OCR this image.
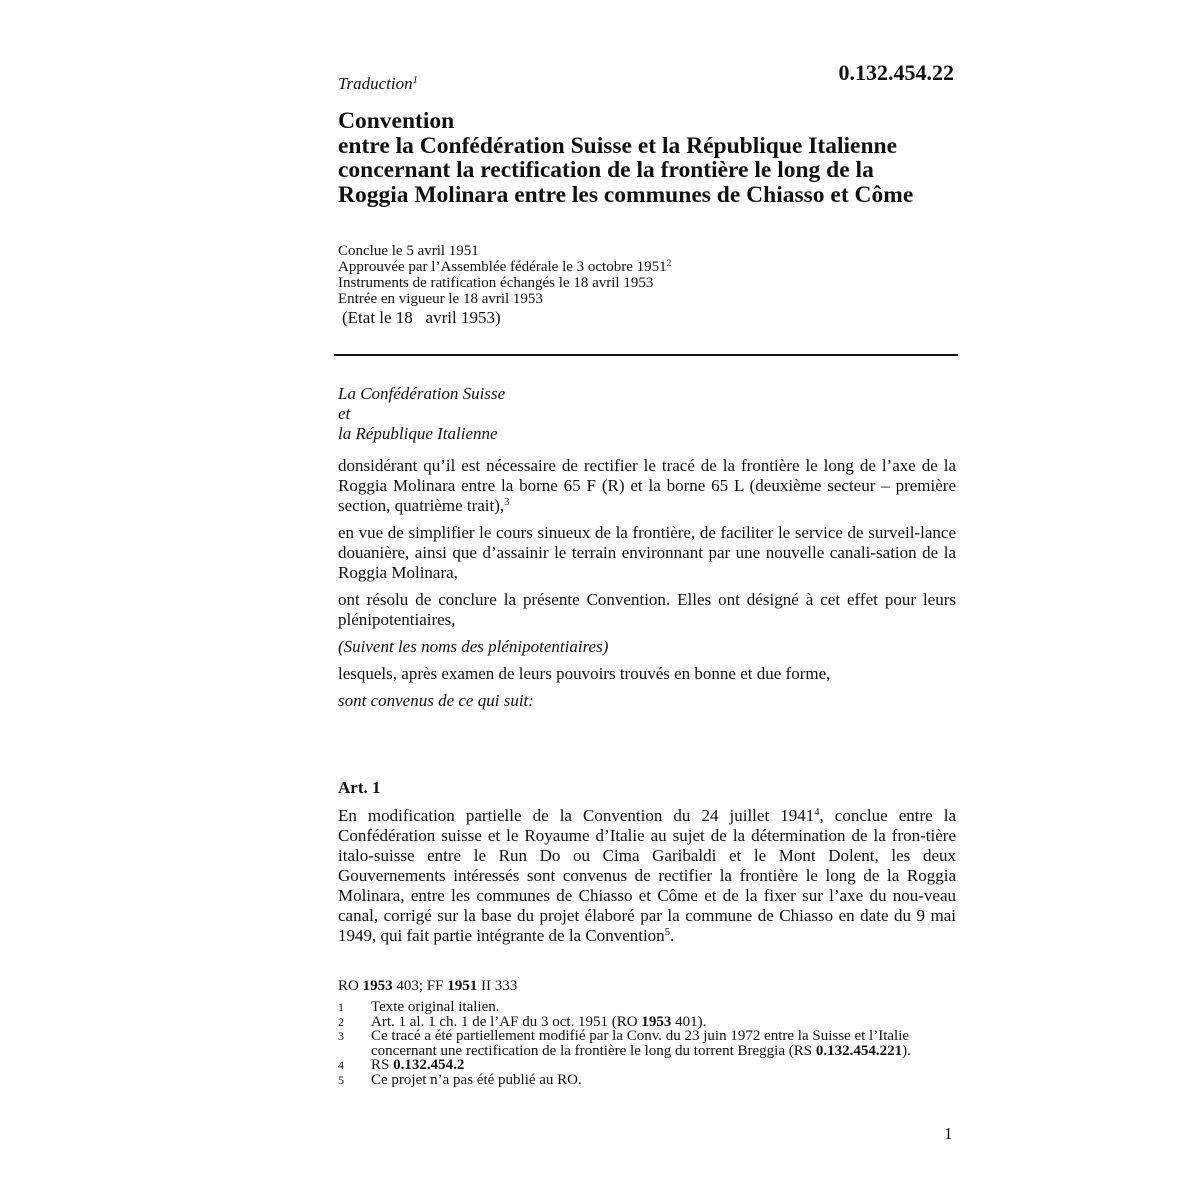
Traduction$^1$	0.132.454.22
Convention
entre la Confédération Suisse et la République Italienne
concernant la rectification de la frontière le long de la
Roggia Molinara entre les communes de Chiasso et Côme
Conclue le 5 avril 1951
Approuvée par l’Assemblée fédérale le 3 octobre 1951$^2$
Instruments de ratification échangés le 18 avril 1953
Entrée en vigueur le 18 avril 1953
(Etat le 18   avril 1953)
La Confédération Suisse
et
la République Italienne

donsidérant qu’il est nécessaire de rectifier le tracé de la frontière le long de l’axe de la Roggia Molinara entre la borne 65 F (R) et la borne 65 L (deuxième secteur – première section, quatrième trait),$^3$

en vue de simplifier le cours sinueux de la frontière, de faciliter le service de surveil-lance douanière, ainsi que d’assainir le terrain environnant par une nouvelle canali-sation de la Roggia Molinara,

ont résolu de conclure la présente Convention. Elles ont désigné à cet effet pour leurs plénipotentiaires,

(Suivent les noms des plénipotentiaires)

lesquels, après examen de leurs pouvoirs trouvés en bonne et due forme,

sont convenus de ce qui suit:

Art. 1
En modification partielle de la Convention du 24 juillet 1941$^4$, conclue entre la Confédération suisse et le Royaume d’Italie au sujet de la détermination de la fron-tière italo-suisse entre le Run Do ou Cima Garibaldi et le Mont Dolent, les deux Gouvernements intéressés sont convenus de rectifier la frontière le long de la Roggia Molinara, entre les communes de Chiasso et Côme et de la fixer sur l’axe du nou-veau canal, corrigé sur la base du projet élaboré par la commune de Chiasso en date du 9 mai 1949, qui fait partie intégrante de la Convention$^5$.
RO 1953 403; FF 1951 II 333
1	Texte original italien.
2	Art. 1 al. 1 ch. 1 de l’AF du 3 oct. 1951 (RO 1953 401).
3	Ce tracé a été partiellement modifié par la Conv. du 23 juin 1972 entre la Suisse et l’Italie concernant une rectification de la frontière le long du torrent Breggia (RS 0.132.454.221).
4	RS 0.132.454.2
5	Ce projet n’a pas été publié au RO.
1
